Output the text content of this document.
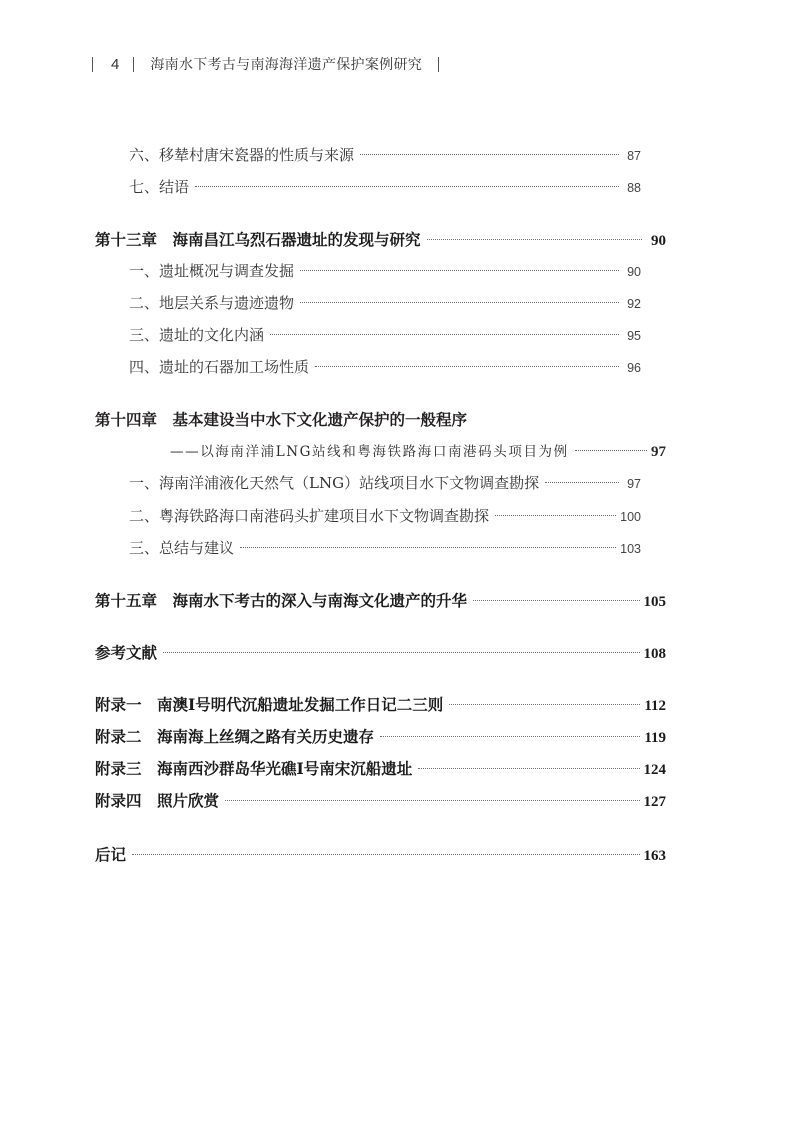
4 海南水下考古与南海海洋遗产保护案例研究
六、移辇村唐宋瓷器的性质与来源	87
七、结语	88
第十三章　海南昌江乌烈石器遗址的发现与研究	90
一、遗址概况与调查发掘	90
二、地层关系与遗迹遗物	92
三、遗址的文化内涵	95
四、遗址的石器加工场性质	96
第十四章　基本建设当中水下文化遗产保护的一般程序
——以海南洋浦LNG站线和粤海铁路海口南港码头项目为例	97
一、海南洋浦液化天然气（LNG）站线项目水下文物调查勘探	97
二、粤海铁路海口南港码头扩建项目水下文物调查勘探	100
三、总结与建议	103
第十五章　海南水下考古的深入与南海文化遗产的升华	105
参考文献	108
附录一　南澳Ⅰ号明代沉船遗址发掘工作日记二三则	112
附录二　海南海上丝绸之路有关历史遗存	119
附录三　海南西沙群岛华光礁Ⅰ号南宋沉船遗址	124
附录四　照片欣赏	127
后记	163
